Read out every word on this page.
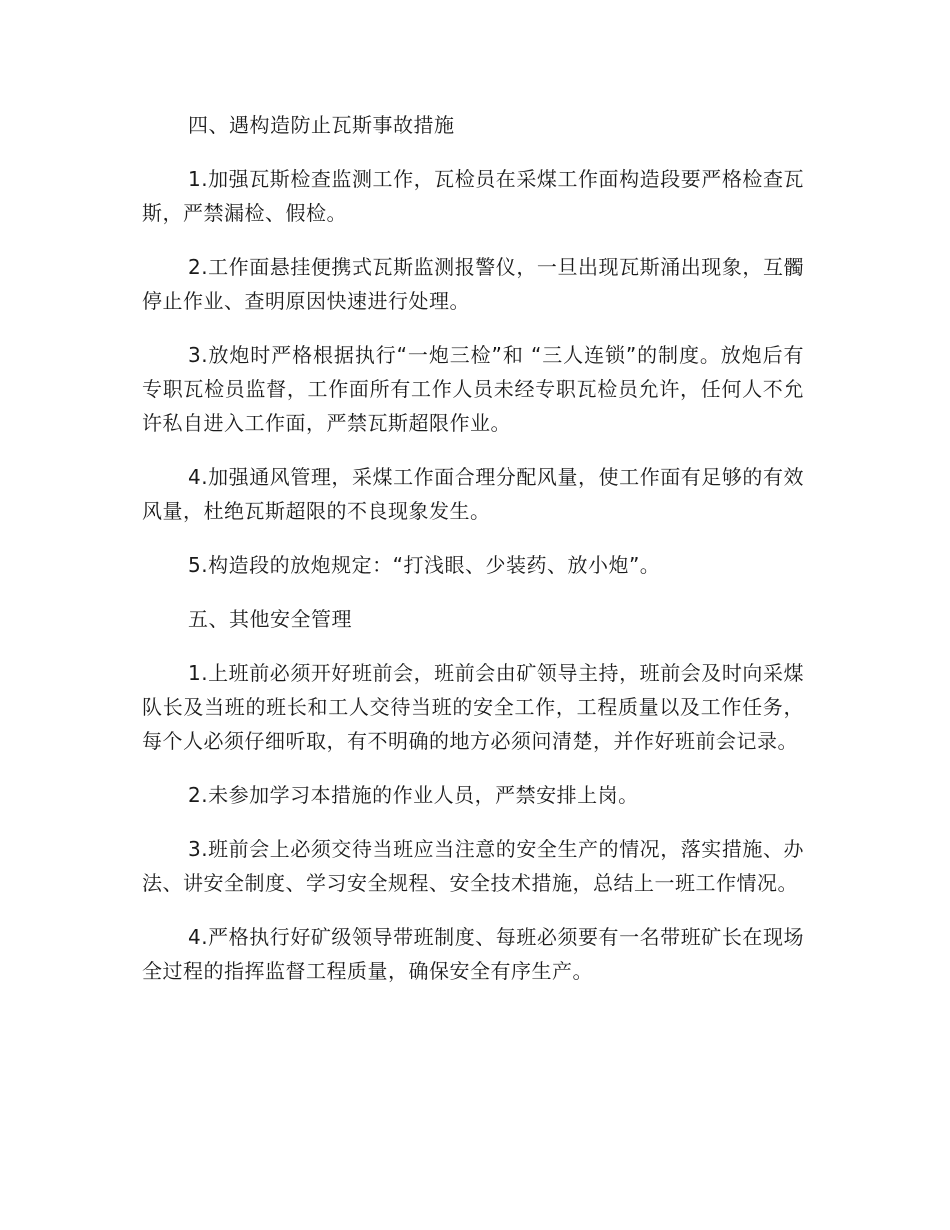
四、遇构造防止瓦斯事故措施

1.加强瓦斯检查监测工作，瓦检员在采煤工作面构造段要严格检查瓦斯，严禁漏检、假检。

2.工作面悬挂便携式瓦斯监测报警仪，一旦出现瓦斯涌出现象，互髑停止作业、查明原因快速进行处理。

3.放炮时严格根据执行“一炮三检”和 “三人连锁”的制度。放炮后有专职瓦检员监督，工作面所有工作人员未经专职瓦检员允许，任何人不允许私自进入工作面，严禁瓦斯超限作业。

4.加强通风管理，采煤工作面合理分配风量，使工作面有足够的有效风量，杜绝瓦斯超限的不良现象发生。

5.构造段的放炮规定：“打浅眼、少装药、放小炮”。

五、其他安全管理

1.上班前必须开好班前会，班前会由矿领导主持，班前会及时向采煤队长及当班的班长和工人交待当班的安全工作，工程质量以及工作任务，每个人必须仔细听取，有不明确的地方必须问清楚，并作好班前会记录。

2.未参加学习本措施的作业人员，严禁安排上岗。

3.班前会上必须交待当班应当注意的安全生产的情况，落实措施、办法、讲安全制度、学习安全规程、安全技术措施，总结上一班工作情况。

4.严格执行好矿级领导带班制度、每班必须要有一名带班矿长在现场全过程的指挥监督工程质量，确保安全有序生产。
